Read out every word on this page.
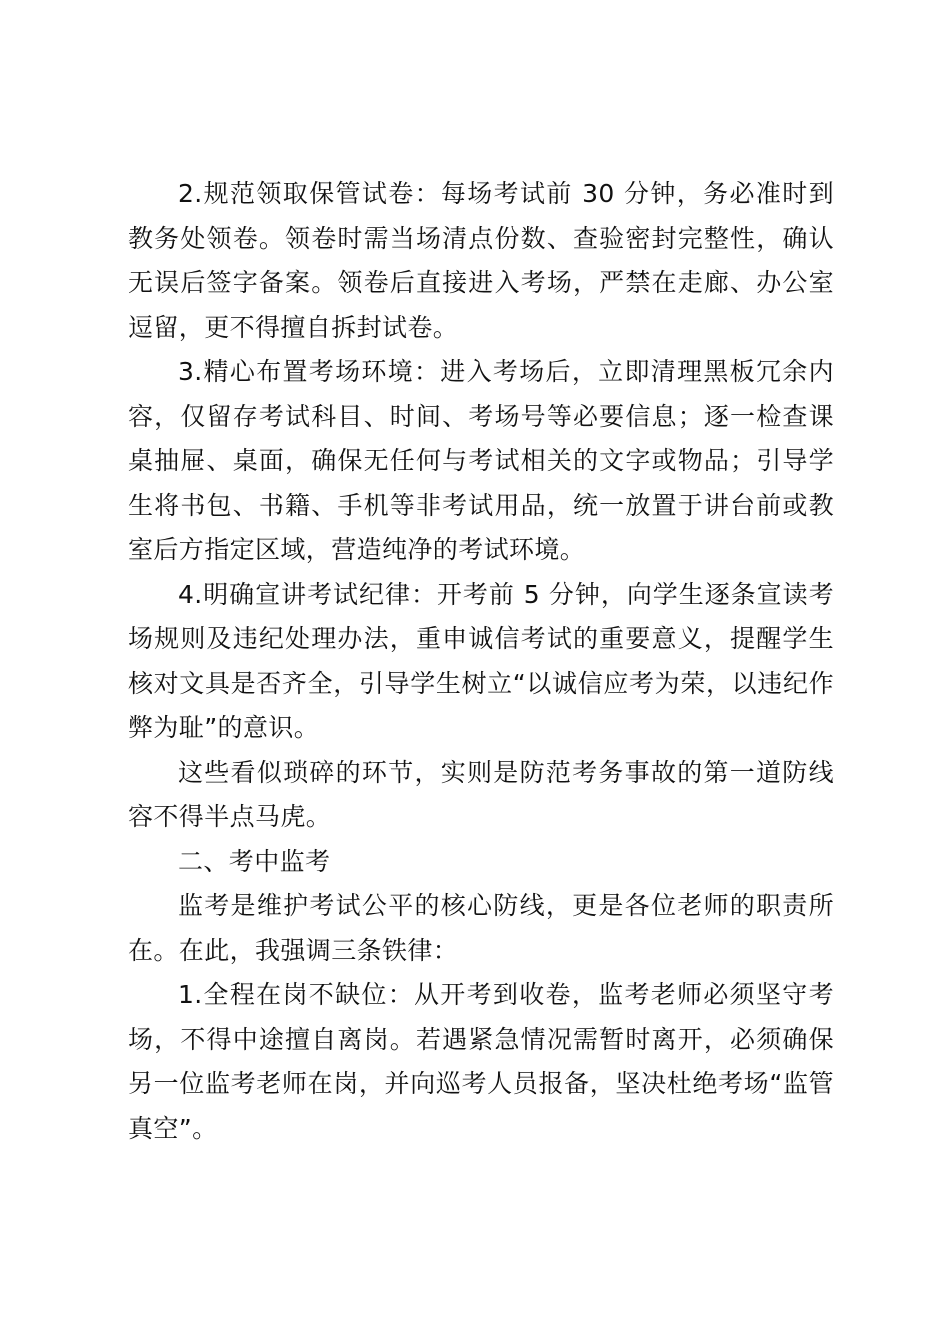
2.规范领取保管试卷：每场考试前 30 分钟，务必准时到教务处领卷。领卷时需当场清点份数、查验密封完整性，确认无误后签字备案。领卷后直接进入考场，严禁在走廊、办公室逗留，更不得擅自拆封试卷。

3.精心布置考场环境：进入考场后，立即清理黑板冗余内容，仅留存考试科目、时间、考场号等必要信息；逐一检查课桌抽屉、桌面，确保无任何与考试相关的文字或物品；引导学生将书包、书籍、手机等非考试用品，统一放置于讲台前或教室后方指定区域，营造纯净的考试环境。

4.明确宣讲考试纪律：开考前 5 分钟，向学生逐条宣读考场规则及违纪处理办法，重申诚信考试的重要意义，提醒学生核对文具是否齐全，引导学生树立“以诚信应考为荣，以违纪作弊为耻”的意识。

这些看似琐碎的环节，实则是防范考务事故的第一道防线容不得半点马虎。

二、考中监考

监考是维护考试公平的核心防线，更是各位老师的职责所在。在此，我强调三条铁律：

1.全程在岗不缺位：从开考到收卷，监考老师必须坚守考场，不得中途擅自离岗。若遇紧急情况需暂时离开，必须确保另一位监考老师在岗，并向巡考人员报备，坚决杜绝考场“监管真空”。
